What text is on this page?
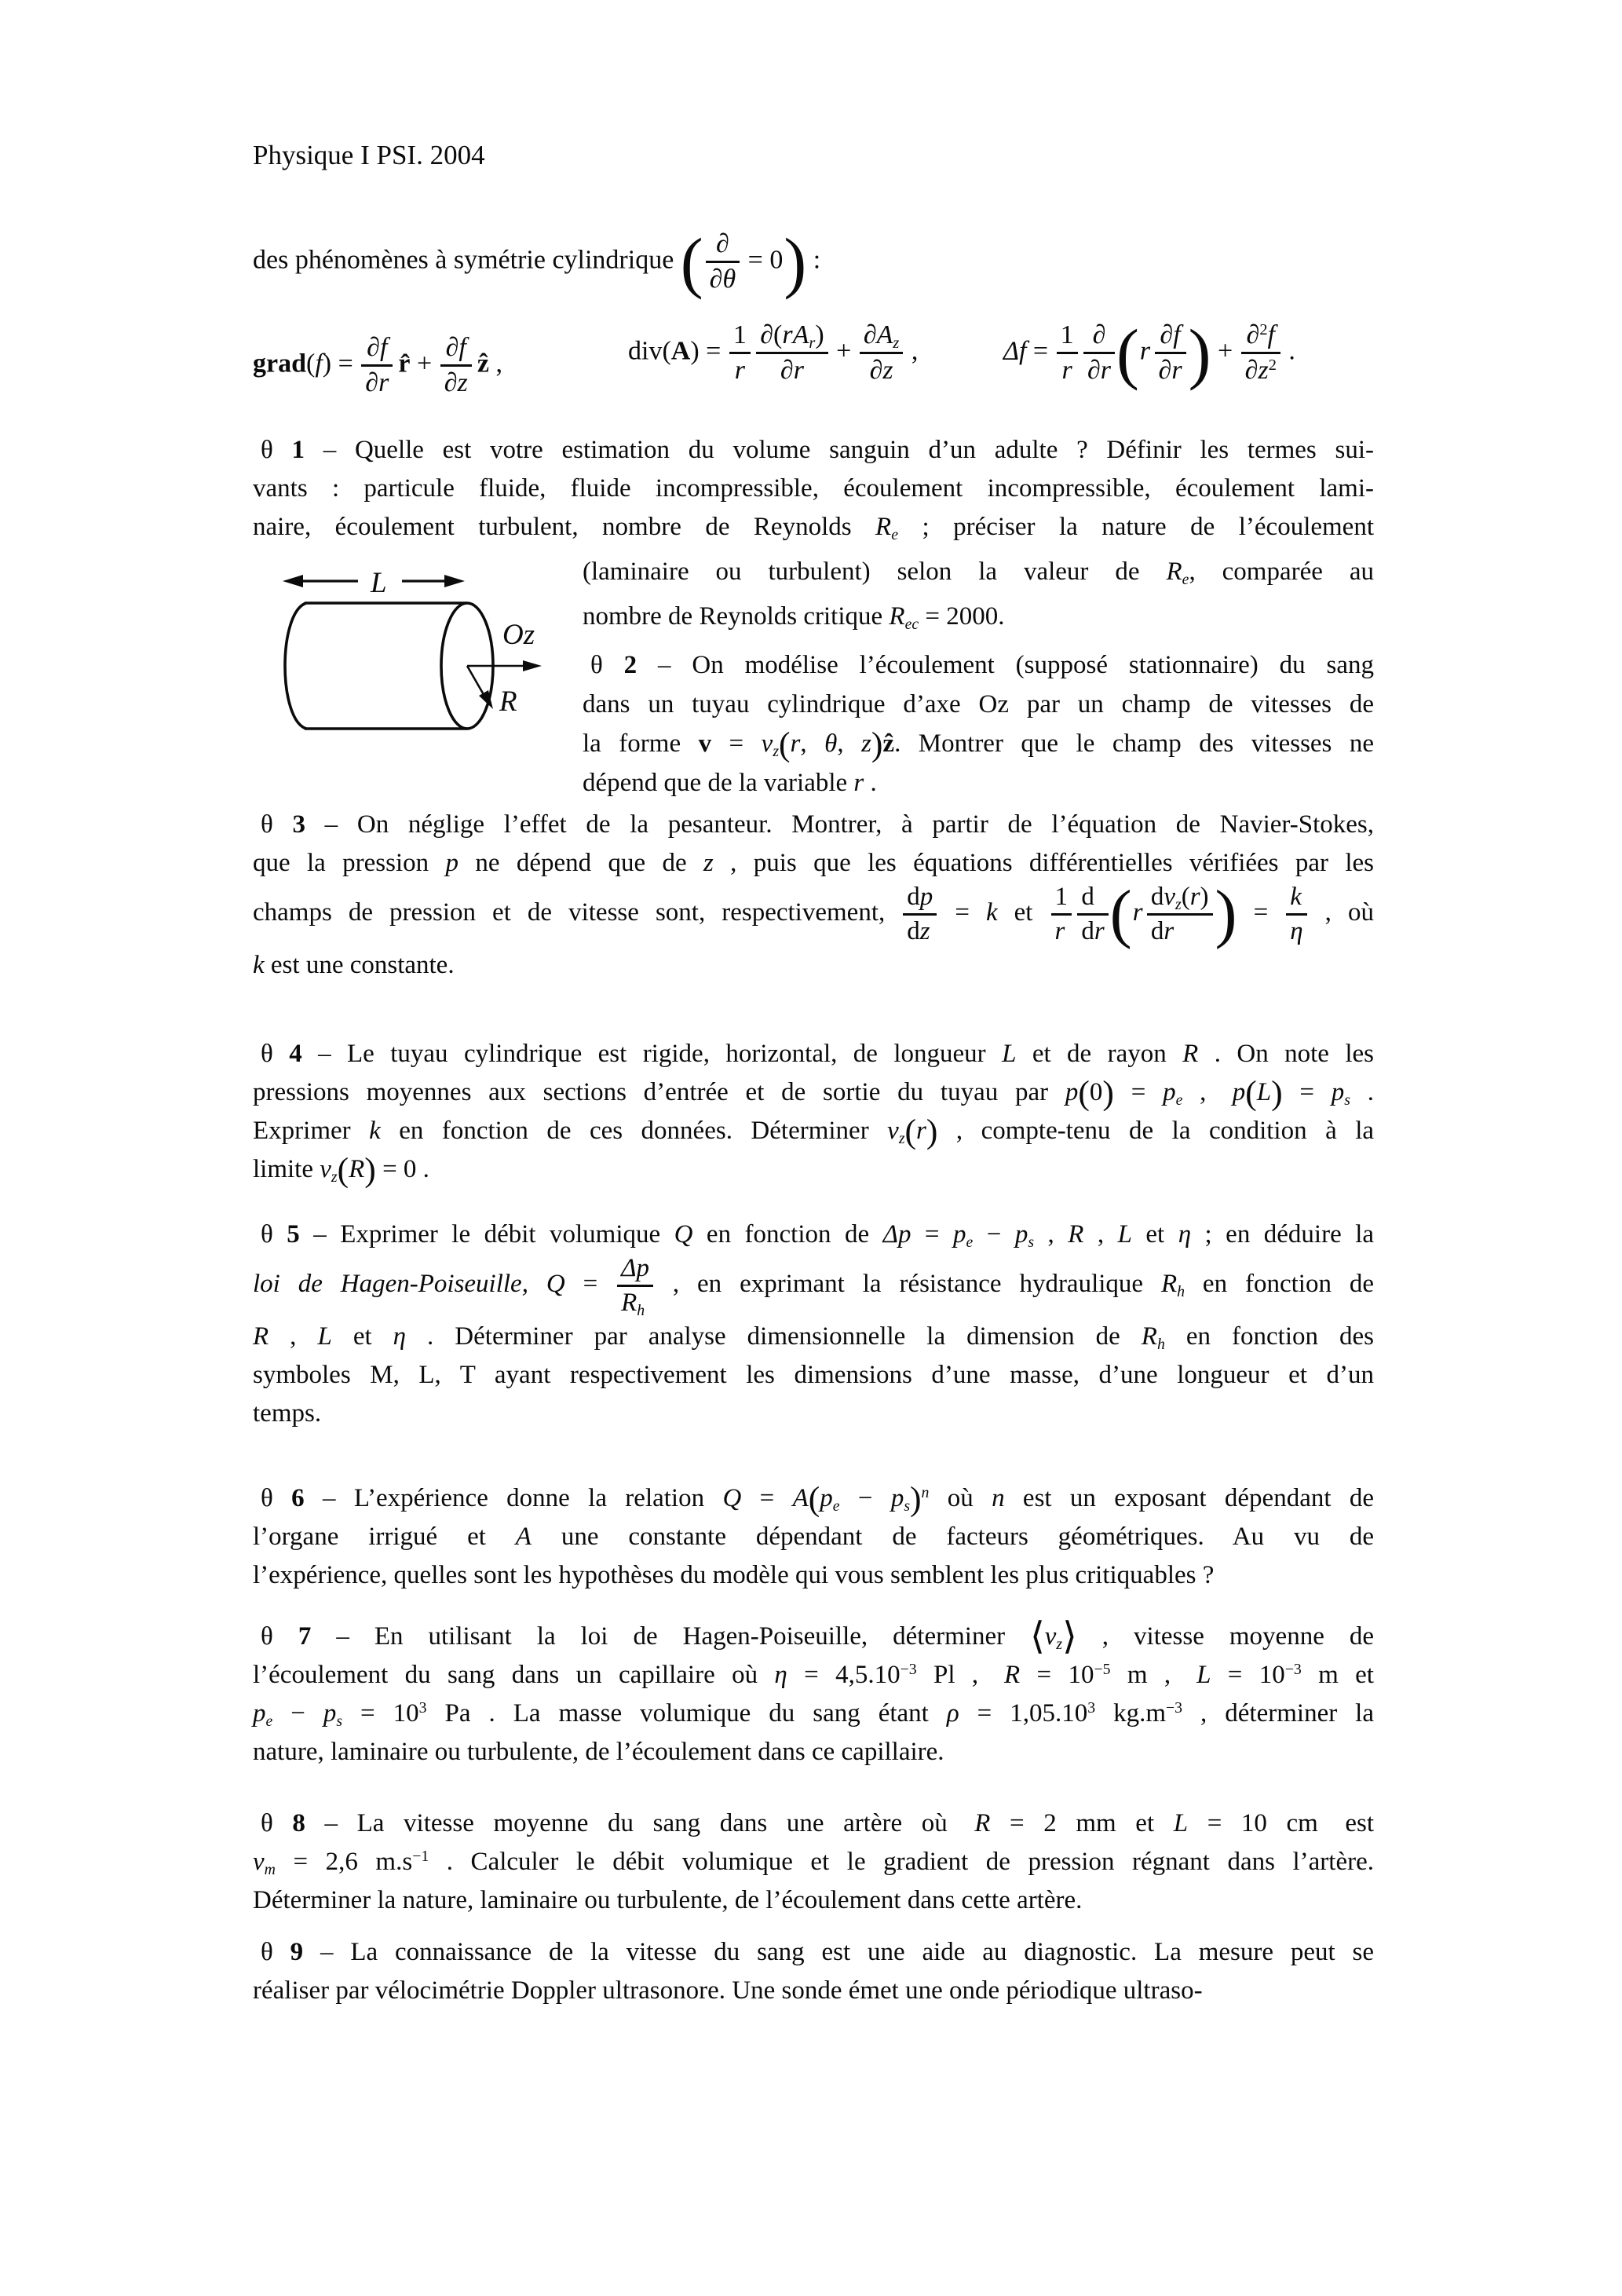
Physique I PSI. 2004
des phénomènes à symétrie cylindrique ( $\frac{\partial}{\partial\theta} = 0$ ) :
grad(f) = $\frac{\partial f}{\partial r}$ r̂ + $\frac{\partial f}{\partial z}$ ẑ ,	$div(A) = \frac{1}{r} \frac{\partial(rA_r)}{\partial r} + \frac{\partial A_z}{\partial z}$ ,	$\Delta f = \frac{1}{r} \frac{\partial}{\partial r}$ ( r $\frac{\partial f}{\partial r}$ ) + $\frac{\partial^2f}{\partial z^2}$ .
θ 1 – Quelle est votre estimation du volume sanguin d’un adulte ? Définir les termes sui-
vants : particule fluide, fluide incompressible, écoulement incompressible, écoulement lami-
naire, écoulement turbulent, nombre de Reynolds $R_e$ ; préciser la nature de l’écoulement
L
Oz
R
(laminaire ou turbulent) selon la valeur de $R_e$, comparée au
nombre de Reynolds critique $R_{ec} = 2000$.
θ 2 – On modélise l’écoulement (supposé stationnaire) du sang
dans un tuyau cylindrique d’axe Oz par un champ de vitesses de
la forme $v = v_z(r$, θ, z)ẑ. Montrer que le champ des vitesses ne
dépend que de la variable r .
θ 3 – On néglige l’effet de la pesanteur. Montrer, à partir de l’équation de Navier-Stokes,
que la pression p ne dépend que de z , puis que les équations différentielles vérifiées par les
champs de pression et de vitesse sont, respectivement, $\frac{dp}{dz} = k$ et $\frac{1}{r} \frac{d}{dr}$ ( r $\frac{dv_z(r)}{dr}$ ) = $\frac{k}{\eta}$ , où
k est une constante.
θ 4 – Le tuyau cylindrique est rigide, horizontal, de longueur L et de rayon R . On note les
pressions moyennes aux sections d’entrée et de sortie du tuyau par $p(0) = p_e$ , $p(L) = p_s$ .
Exprimer k en fonction de ces données. Déterminer $v_z(r)$ , compte-tenu de la condition à la
limite $v_z(R) = 0$ .
θ 5 – Exprimer le débit volumique Q en fonction de $\Delta p = p_e - p_s$ , R , L et η ; en déduire la
loi de Hagen-Poiseuille, $Q = \frac{\Delta p}{R_h}$ , en exprimant la résistance hydraulique $R_h$ en fonction de
R , L et η . Déterminer par analyse dimensionnelle la dimension de $R_h$ en fonction des
symboles M, L, T ayant respectivement les dimensions d’une masse, d’une longueur et d’un
temps.
θ 6 – L’expérience donne la relation $Q = A(p_e - p_s)^n$ où n est un exposant dépendant de
l’organe irrigué et A une constante dépendant de facteurs géométriques. Au vu de
l’expérience, quelles sont les hypothèses du modèle qui vous semblent les plus critiquables ?
θ 7 – En utilisant la loi de Hagen-Poiseuille, déterminer $⟨v_z⟩$ , vitesse moyenne de
l’écoulement du sang dans un capillaire où $\eta = 4,5.10^{-3}$ Pl , $R = 10^{-5}$ m , $L = 10^{-3}$ m et
$p_e - p_s = 10^3$ Pa . La masse volumique du sang étant $\rho = 1,05.10^3$ $kg.m^{-3}$ , déterminer la
nature, laminaire ou turbulente, de l’écoulement dans ce capillaire.
θ 8 – La vitesse moyenne du sang dans une artère où R = 2 mm et L = 10 cm est
$v_m = 2,6$ $m.s^{-1}$ . Calculer le débit volumique et le gradient de pression régnant dans l’artère.
Déterminer la nature, laminaire ou turbulente, de l’écoulement dans cette artère.
θ 9 – La connaissance de la vitesse du sang est une aide au diagnostic. La mesure peut se
réaliser par vélocimétrie Doppler ultrasonore. Une sonde émet une onde périodique ultraso-
